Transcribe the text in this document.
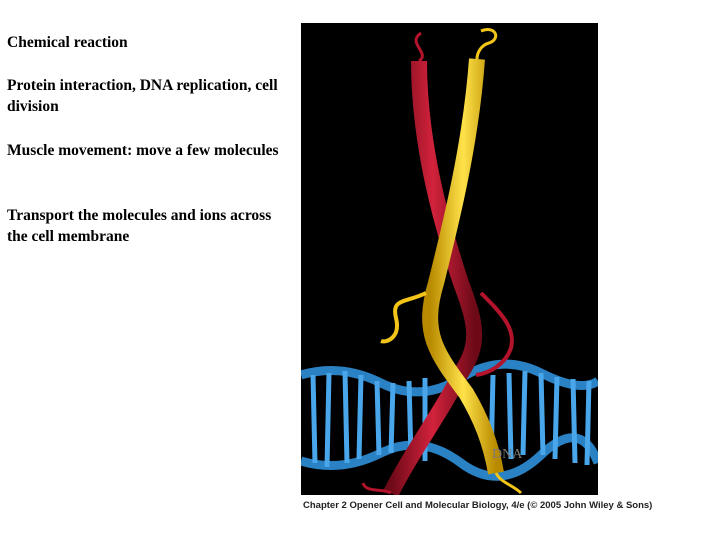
Chemical reaction
Protein interaction, DNA replication, cell division
Muscle movement: move a few molecules
Transport the molecules and ions across the cell membrane
DNA
Chapter 2 Opener Cell and Molecular Biology, 4/e (© 2005 John Wiley & Sons)
